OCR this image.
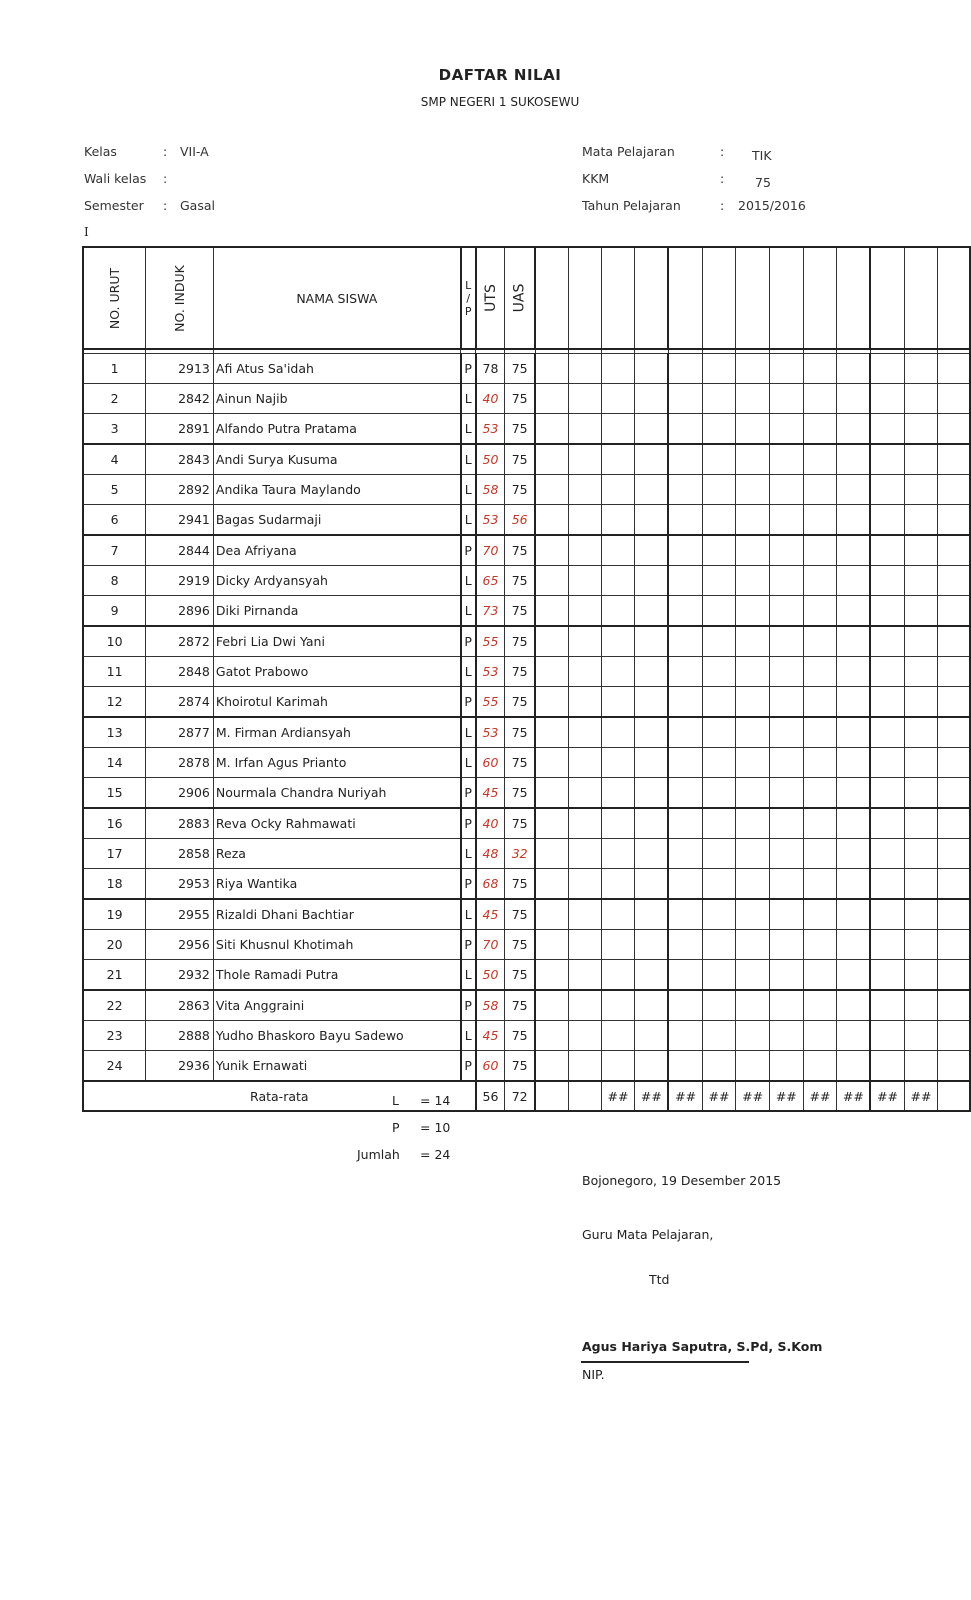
DAFTAR NILAI
SMP NEGERI 1 SUKOSEWU
Kelas	: VII-A
Wali kelas :
Semester : Gasal
Mata Pelajaran	: TIK
KKM	: 75
Tahun Pelajaran	: 2015/2016
I
NO. URUT	NO. INDUK	NAMA SISWA	L
/
P	UTS	UAS													

1	2913	Afi Atus Sa'idah	P	78	75													
2	2842	Ainun Najib	L	40	75													
3	2891	Alfando Putra Pratama	L	53	75													
4	2843	Andi Surya Kusuma	L	50	75													
5	2892	Andika Taura Maylando	L	58	75													
6	2941	Bagas Sudarmaji	L	53	56													
7	2844	Dea Afriyana	P	70	75													
8	2919	Dicky Ardyansyah	L	65	75													
9	2896	Diki Pirnanda	L	73	75													
10	2872	Febri Lia Dwi Yani	P	55	75													
11	2848	Gatot Prabowo	L	53	75													
12	2874	Khoirotul Karimah	P	55	75													
13	2877	M. Firman Ardiansyah	L	53	75													
14	2878	M. Irfan Agus Prianto	L	60	75													
15	2906	Nourmala Chandra Nuriyah	P	45	75													
16	2883	Reva Ocky Rahmawati	P	40	75													
17	2858	Reza	L	48	32													
18	2953	Riya Wantika	P	68	75													
19	2955	Rizaldi Dhani Bachtiar	L	45	75													
20	2956	Siti Khusnul Khotimah	P	70	75													
21	2932	Thole Ramadi Putra	L	50	75													
22	2863	Vita Anggraini	P	58	75													
23	2888	Yudho Bhaskoro Bayu Sadewo	L	45	75													
24	2936	Yunik Ernawati	P	60	75													
Rata-rata				56	72			##	##	##	##	##	##	##	##	##	##	
L = 14
P = 10
Jumlah = 24
Bojonegoro, 19 Desember 2015
Guru Mata Pelajaran,
Ttd
Agus Hariya Saputra, S.Pd, S.Kom
NIP.
